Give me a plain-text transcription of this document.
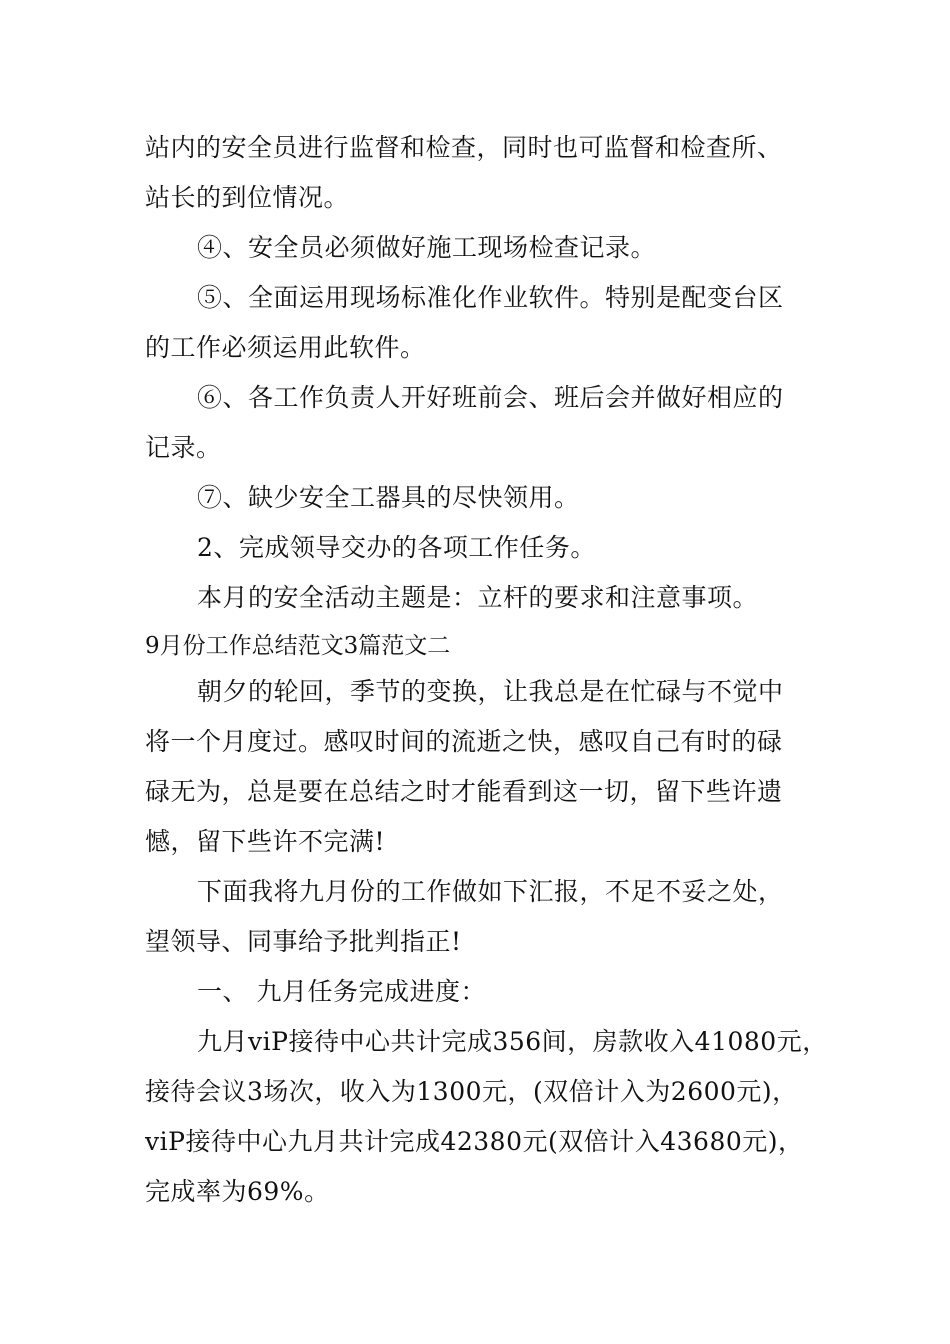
站内的安全员进行监督和检查，同时也可监督和检查所、
站长的到位情况。
④、安全员必须做好施工现场检查记录。
⑤、全面运用现场标准化作业软件。特别是配变台区
的工作必须运用此软件。
⑥、各工作负责人开好班前会、班后会并做好相应的
记录。
⑦、缺少安全工器具的尽快领用。
2、完成领导交办的各项工作任务。
本月的安全活动主题是：立杆的要求和注意事项。
9月份工作总结范文3篇范文二
朝夕的轮回，季节的变换，让我总是在忙碌与不觉中
将一个月度过。感叹时间的流逝之快，感叹自己有时的碌
碌无为，总是要在总结之时才能看到这一切，留下些许遗
憾，留下些许不完满!
下面我将九月份的工作做如下汇报，不足不妥之处，
望领导、同事给予批判指正!
一、 九月任务完成进度：
九月viP接待中心共计完成356间，房款收入41080元，
接待会议3场次，收入为1300元，(双倍计入为2600元)，
viP接待中心九月共计完成42380元(双倍计入43680元)，
完成率为69%。
